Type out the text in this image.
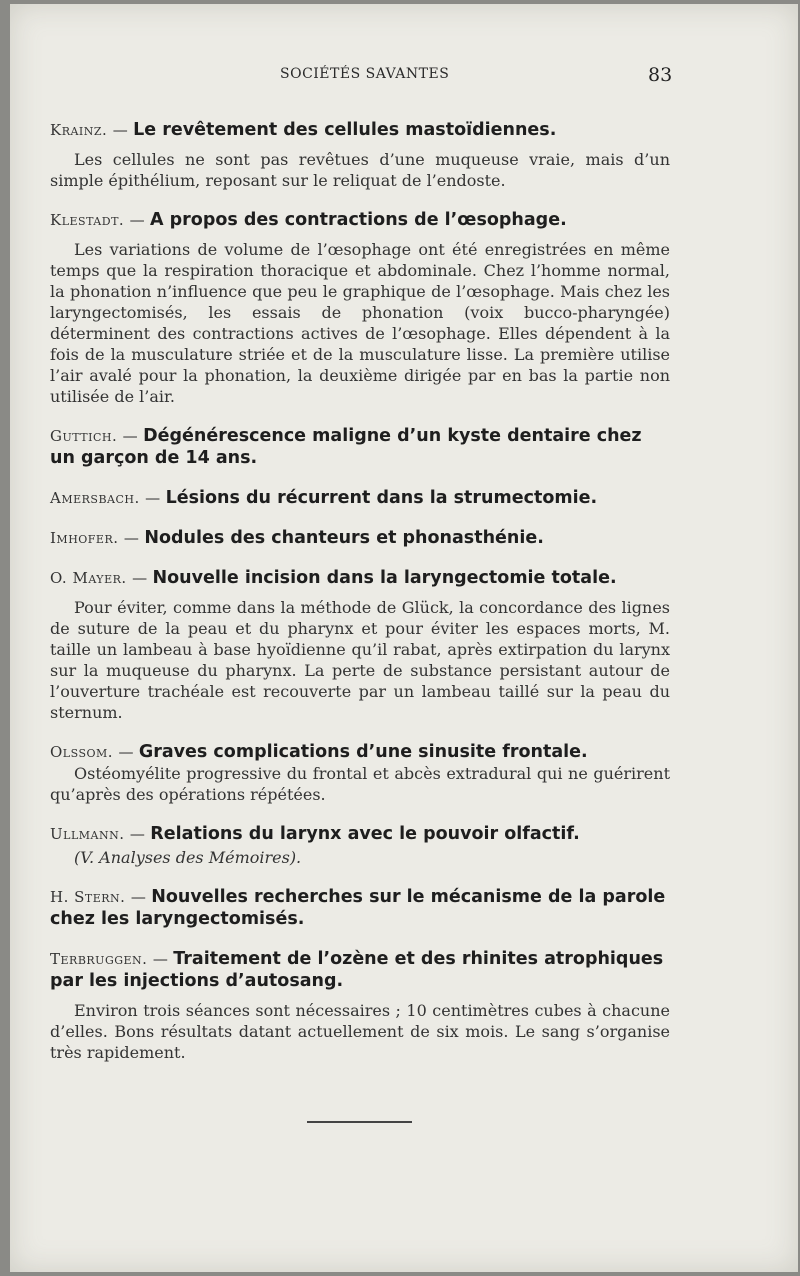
SOCIÉTÉS SAVANTES	83

Krainz. — Le revêtement des cellules mastoïdiennes.

Les cellules ne sont pas revêtues d’une muqueuse vraie, mais d’un simple épithélium, reposant sur le reliquat de l’endoste.

Klestadt. — A propos des contractions de l’œsophage.

Les variations de volume de l’œsophage ont été enregistrées en même temps que la respiration thoracique et abdominale. Chez l’homme normal, la phonation n’influence que peu le graphique de l’œsophage. Mais chez les laryngectomisés, les essais de phonation (voix bucco-pharyngée) déterminent des contractions actives de l’œsophage. Elles dépendent à la fois de la musculature striée et de la musculature lisse. La première utilise l’air avalé pour la phonation, la deuxième dirigée par en bas la partie non utilisée de l’air.

Guttich. — Dégénérescence maligne d’un kyste dentaire chez un garçon de 14 ans.

Amersbach. — Lésions du récurrent dans la strumectomie.

Imhofer. — Nodules des chanteurs et phonasthénie.

O. Mayer. — Nouvelle incision dans la laryngectomie totale.

Pour éviter, comme dans la méthode de Glück, la concordance des lignes de suture de la peau et du pharynx et pour éviter les espaces morts, M. taille un lambeau à base hyoïdienne qu’il rabat, après extirpation du larynx sur la muqueuse du pharynx. La perte de substance persistant autour de l’ouverture trachéale est recouverte par un lambeau taillé sur la peau du sternum.

Olssom. — Graves complications d’une sinusite frontale.

Ostéomyélite progressive du frontal et abcès extradural qui ne guérirent qu’après des opérations répétées.

Ullmann. — Relations du larynx avec le pouvoir olfactif.

(V. Analyses des Mémoires).

H. Stern. — Nouvelles recherches sur le mécanisme de la parole chez les laryngectomisés.

Terbruggen. — Traitement de l’ozène et des rhinites atrophiques par les injections d’autosang.

Environ trois séances sont nécessaires ; 10 centimètres cubes à chacune d’elles. Bons résultats datant actuellement de six mois. Le sang s’organise très rapidement.
